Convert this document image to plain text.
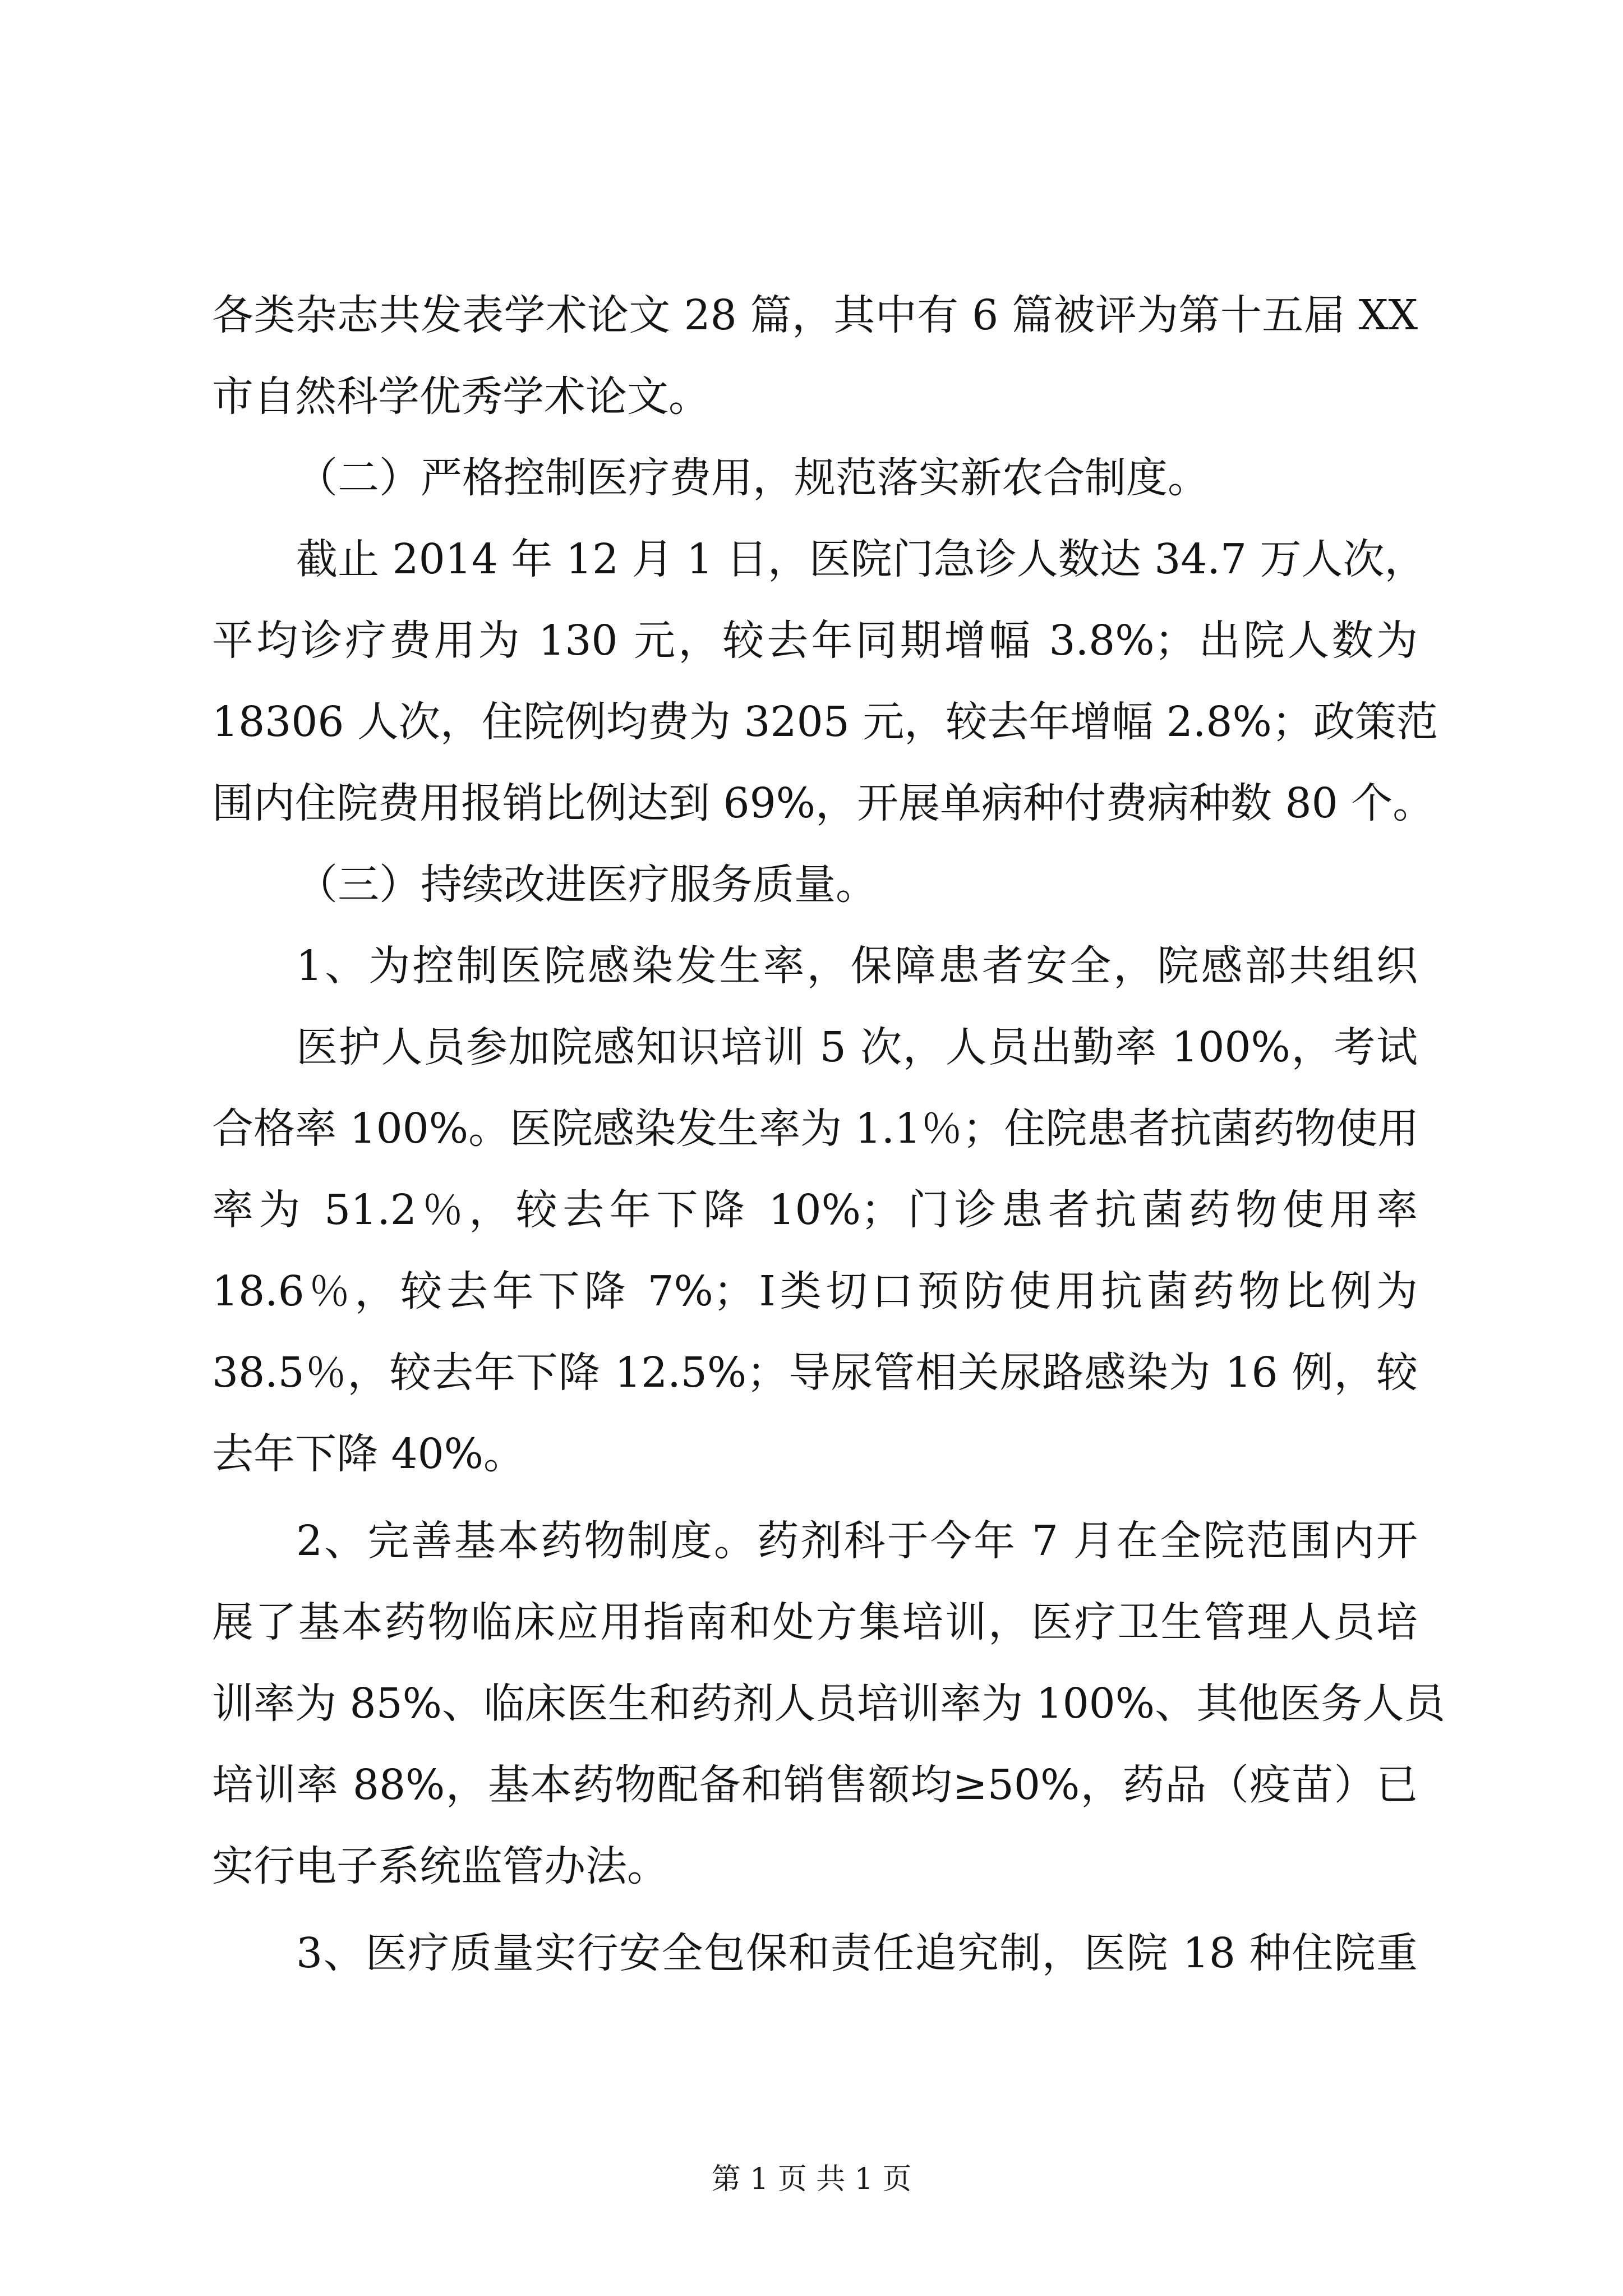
各类杂志共发表学术论文 28 篇，其中有 6 篇被评为第十五届 XX
市自然科学优秀学术论文。
（二）严格控制医疗费用，规范落实新农合制度。
截止 2014 年 12 月 1 日，医院门急诊人数达 34.7 万人次，
平均诊疗费用为 130 元，较去年同期增幅 3.8%；出院人数为
18306 人次，住院例均费为 3205 元，较去年增幅 2.8%；政策范
围内住院费用报销比例达到 69%，开展单病种付费病种数 80 个。
（三）持续改进医疗服务质量。
1、为控制医院感染发生率，保障患者安全，院感部共组织
医护人员参加院感知识培训 5 次，人员出勤率 100%，考试
合格率 100%。医院感染发生率为 1.1％；住院患者抗菌药物使用
率为 51.2％，较去年下降 10%；门诊患者抗菌药物使用率
18.6％，较去年下降 7%；Ⅰ类切口预防使用抗菌药物比例为
38.5％，较去年下降 12.5%；导尿管相关尿路感染为 16 例，较
去年下降 40%。
2、完善基本药物制度。药剂科于今年 7 月在全院范围内开
展了基本药物临床应用指南和处方集培训，医疗卫生管理人员培
训率为 85%、临床医生和药剂人员培训率为 100%、其他医务人员
培训率 88%，基本药物配备和销售额均≥50%，药品（疫苗）已
实行电子系统监管办法。
3、医疗质量实行安全包保和责任追究制，医院 18 种住院重
第 1 页 共 1 页
